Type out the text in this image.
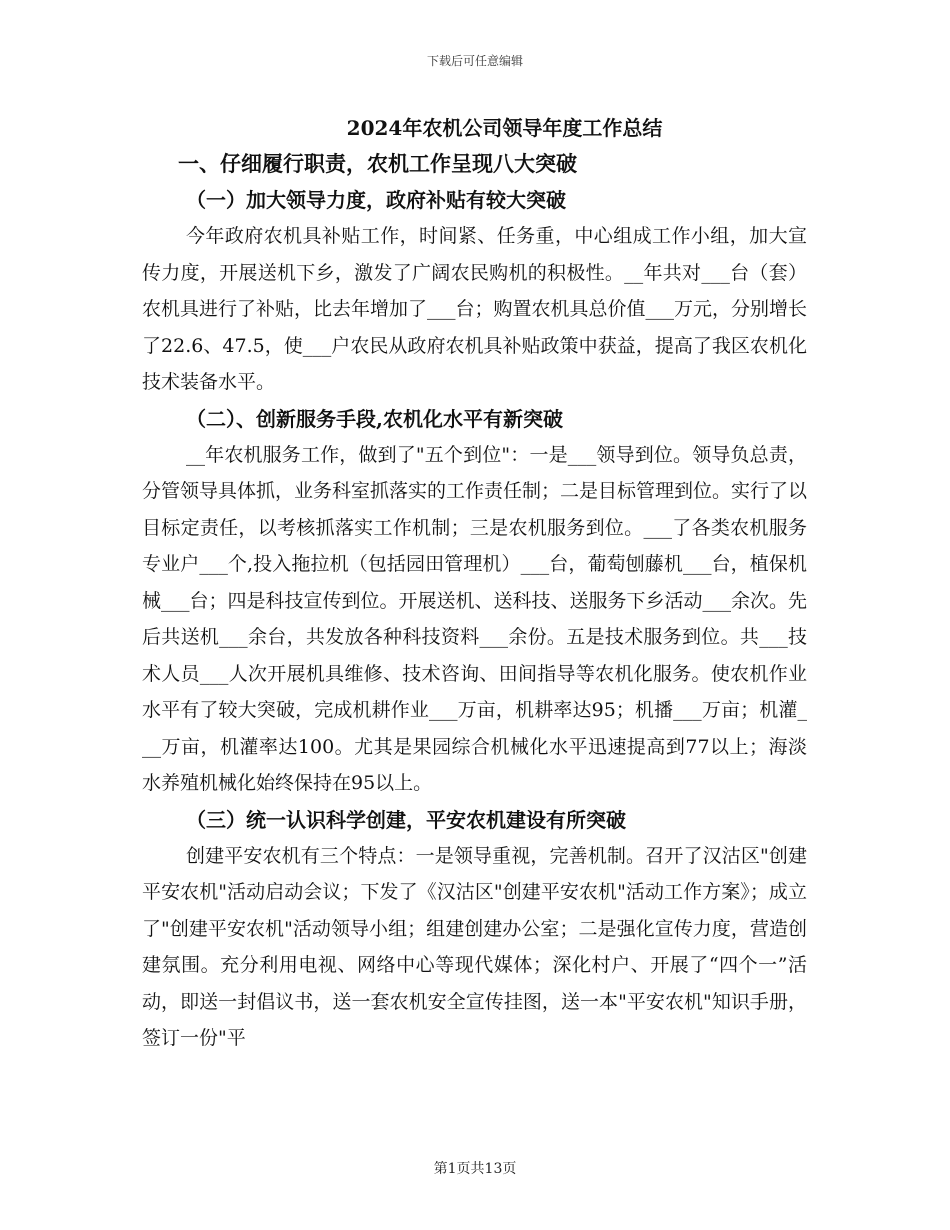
下载后可任意编辑
2024年农机公司领导年度工作总结
一、仔细履行职责，农机工作呈现八大突破
（一）加大领导力度，政府补贴有较大突破

今年政府农机具补贴工作，时间紧、任务重，中心组成工作小组，加大宣传力度，开展送机下乡，激发了广阔农民购机的积极性。__年共对___台（套）农机具进行了补贴，比去年增加了___台；购置农机具总价值___万元，分别增长了22.6、47.5，使___户农民从政府农机具补贴政策中获益，提高了我区农机化技术装备水平。

（二）、创新服务手段,农机化水平有新突破

__年农机服务工作，做到了"五个到位"：一是___领导到位。领导负总责，分管领导具体抓，业务科室抓落实的工作责任制；二是目标管理到位。实行了以目标定责任，以考核抓落实工作机制；三是农机服务到位。___了各类农机服务专业户___个,投入拖拉机（包括园田管理机）___台，葡萄刨藤机___台，植保机械___台；四是科技宣传到位。开展送机、送科技、送服务下乡活动___余次。先后共送机___余台，共发放各种科技资料___余份。五是技术服务到位。共___技术人员___人次开展机具维修、技术咨询、田间指导等农机化服务。使农机作业水平有了较大突破，完成机耕作业___万亩，机耕率达95；机播___万亩；机灌___万亩，机灌率达100。尤其是果园综合机械化水平迅速提高到77以上；海淡水养殖机械化始终保持在95以上。

（三）统一认识科学创建，平安农机建设有所突破

创建平安农机有三个特点：一是领导重视，完善机制。召开了汉沽区"创建平安农机"活动启动会议；下发了《汉沽区"创建平安农机"活动工作方案》；成立了"创建平安农机"活动领导小组；组建创建办公室；二是强化宣传力度，营造创建氛围。充分利用电视、网络中心等现代媒体；深化村户、开展了“四个一”活动，即送一封倡议书，送一套农机安全宣传挂图，送一本"平安农机"知识手册，签订一份"平

第1页共13页
